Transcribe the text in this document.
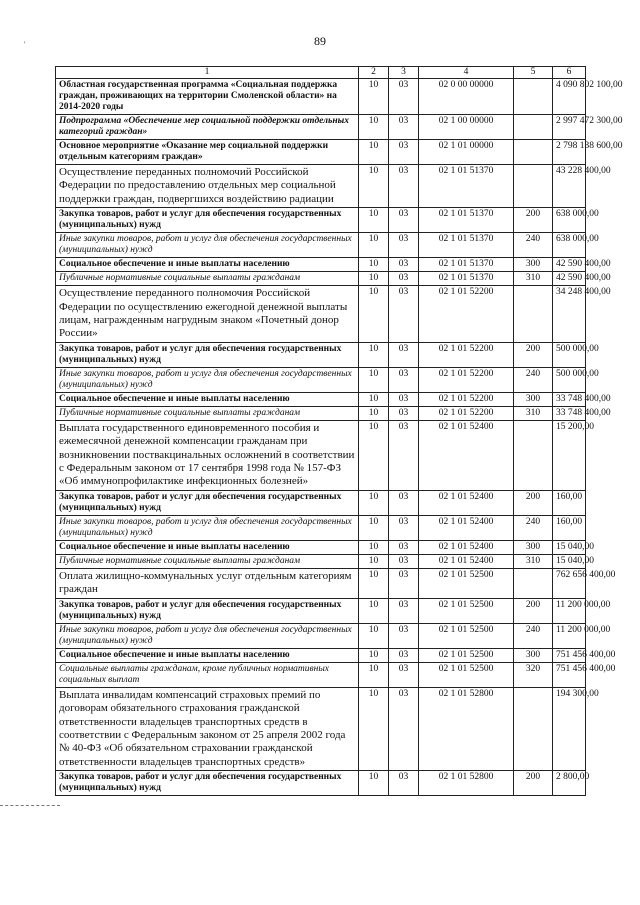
89
'
1	2	3	4	5	6
Областная государственная программа «Социальная поддержка граждан, проживающих на территории Смоленской области» на 2014-2020 годы	10	03	02 0 00 00000		4 090 802 100,00
Подпрограмма «Обеспечение мер социальной поддержки отдельных категорий граждан»	10	03	02 1 00 00000		2 997 472 300,00
Основное мероприятие «Оказание мер социальной поддержки отдельным категориям граждан»	10	03	02 1 01 00000		2 798 138 600,00
Осуществление переданных полномочий Российской Федерации по предоставлению отдельных мер социальной поддержки граждан, подвергшихся воздействию радиации	10	03	02 1 01 51370		43 228 400,00
Закупка товаров, работ и услуг для обеспечения государственных (муниципальных) нужд	10	03	02 1 01 51370	200	638 000,00
Иные закупки товаров, работ и услуг для обеспечения государственных (муниципальных) нужд	10	03	02 1 01 51370	240	638 000,00
Социальное обеспечение и иные выплаты населению	10	03	02 1 01 51370	300	42 590 400,00
Публичные нормативные социальные выплаты гражданам	10	03	02 1 01 51370	310	42 590 400,00
Осуществление переданного полномочия Российской Федерации по осуществлению ежегодной денежной выплаты лицам, награжденным нагрудным знаком «Почетный донор России»	10	03	02 1 01 52200		34 248 400,00
Закупка товаров, работ и услуг для обеспечения государственных (муниципальных) нужд	10	03	02 1 01 52200	200	500 000,00
Иные закупки товаров, работ и услуг для обеспечения государственных (муниципальных) нужд	10	03	02 1 01 52200	240	500 000,00
Социальное обеспечение и иные выплаты населению	10	03	02 1 01 52200	300	33 748 400,00
Публичные нормативные социальные выплаты гражданам	10	03	02 1 01 52200	310	33 748 400,00
Выплата государственного единовременного пособия и ежемесячной денежной компенсации гражданам при возникновении поствакцинальных осложнений в соответствии с Федеральным законом от 17 сентября 1998 года № 157-ФЗ «Об иммунопрофилактике инфекционных болезней»	10	03	02 1 01 52400		15 200,00
Закупка товаров, работ и услуг для обеспечения государственных (муниципальных) нужд	10	03	02 1 01 52400	200	160,00
Иные закупки товаров, работ и услуг для обеспечения государственных (муниципальных) нужд	10	03	02 1 01 52400	240	160,00
Социальное обеспечение и иные выплаты населению	10	03	02 1 01 52400	300	15 040,00
Публичные нормативные социальные выплаты гражданам	10	03	02 1 01 52400	310	15 040,00
Оплата жилищно-коммунальных услуг отдельным категориям граждан	10	03	02 1 01 52500		762 656 400,00
Закупка товаров, работ и услуг для обеспечения государственных (муниципальных) нужд	10	03	02 1 01 52500	200	11 200 000,00
Иные закупки товаров, работ и услуг для обеспечения государственных (муниципальных) нужд	10	03	02 1 01 52500	240	11 200 000,00
Социальное обеспечение и иные выплаты населению	10	03	02 1 01 52500	300	751 456 400,00
Социальные выплаты гражданам, кроме публичных нормативных социальных выплат	10	03	02 1 01 52500	320	751 456 400,00
Выплата инвалидам компенсаций страховых премий по договорам обязательного страхования гражданской ответственности владельцев транспортных средств в соответствии с Федеральным законом от 25 апреля 2002 года № 40-ФЗ «Об обязательном страховании гражданской ответственности владельцев транспортных средств»	10	03	02 1 01 52800		194 300,00
Закупка товаров, работ и услуг для обеспечения государственных (муниципальных) нужд	10	03	02 1 01 52800	200	2 800,00
